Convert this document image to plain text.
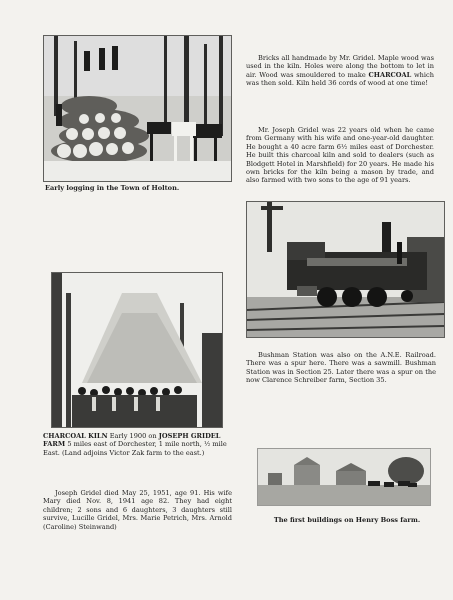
Early logging in the Town of Holton.

Bricks all handmade by Mr. Gridel. Maple wood was used in the kiln. Holes were along the bottom to let in air. Wood was smouldered to make CHARCOAL which was then sold. Kiln held 36 cords of wood at one time!

Mr. Joseph Gridel was 22 years old when he came from Germany with his wife and one-year-old daughter. He bought a 40 acre farm 6½ miles east of Dorchester. He built this charcoal kiln and sold to dealers (such as Blodgett Hotel in Marshfield) for 20 years. He made his own bricks for the kiln being a mason by trade, and also farmed with two sons to the age of 91 years.

Bushman Station was also on the A.N.E. Railroad. There was a spur here. There was a sawmill. Bushman Station was in Section 25. Later there was a spur on the now Clarence Schreiber farm, Section 35.

CHARCOAL KILN Early 1900 on JOSEPH GRIDEL FARM 5 miles east of Dorchester, 1 mile north, ½ mile East. (Land adjoins Victor Zak farm to the east.)

Joseph Gridel died May 25, 1951, age 91. His wife Mary died Nov. 8, 1941 age 82. They had eight children; 2 sons and 6 daughters, 3 daughters still survive, Lucille Gridel, Mrs. Marie Petrich, Mrs. Arnold (Caroline) Steinwand)

The first buildings on Henry Boss farm.
